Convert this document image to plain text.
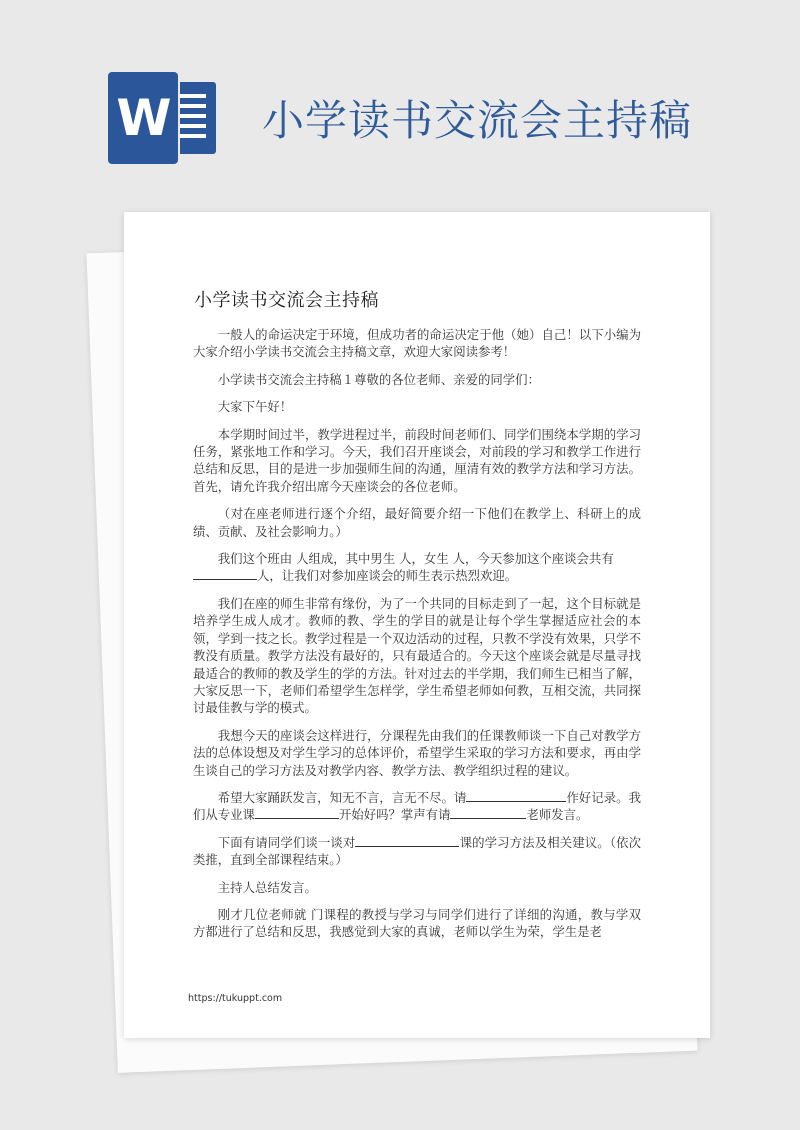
W 小学读书交流会主持稿
小学读书交流会主持稿

一般人的命运决定于环境，但成功者的命运决定于他（她）自己！以下小编为大家介绍小学读书交流会主持稿文章，欢迎大家阅读参考！

小学读书交流会主持稿１尊敬的各位老师、亲爱的同学们：

大家下午好！

本学期时间过半，教学进程过半，前段时间老师们、同学们围绕本学期的学习任务，紧张地工作和学习。今天，我们召开座谈会，对前段的学习和教学工作进行总结和反思，目的是进一步加强师生间的沟通，厘清有效的教学方法和学习方法。首先，请允许我介绍出席今天座谈会的各位老师。

（对在座老师进行逐个介绍，最好简要介绍一下他们在教学上、科研上的成绩、贡献、及社会影响力。）

我们这个班由 人组成，其中男生 人，女生 人，今天参加这个座谈会共有
人，让我们对参加座谈会的师生表示热烈欢迎。

我们在座的师生非常有缘份，为了一个共同的目标走到了一起，这个目标就是培养学生成人成才。教师的教、学生的学目的就是让每个学生掌握适应社会的本领，学到一技之长。教学过程是一个双边活动的过程，只教不学没有效果，只学不教没有质量。教学方法没有最好的，只有最适合的。今天这个座谈会就是尽量寻找最适合的教师的教及学生的学的方法。针对过去的半学期，我们师生已相当了解，大家反思一下，老师们希望学生怎样学，学生希望老师如何教，互相交流，共同探讨最佳教与学的模式。

我想今天的座谈会这样进行，分课程先由我们的任课教师谈一下自己对教学方法的总体设想及对学生学习的总体评价，希望学生采取的学习方法和要求，再由学生谈自己的学习方法及对教学内容、教学方法、教学组织过程的建议。

希望大家踊跃发言，知无不言，言无不尽。请	作好记录。我们从专业课	开始好吗？掌声有请	老师发言。

下面有请同学们谈一谈对	课的学习方法及相关建议。（依次类推，直到全部课程结束。）

主持人总结发言。

刚才几位老师就 门课程的教授与学习与同学们进行了详细的沟通，教与学双方都进行了总结和反思，我感觉到大家的真诚，老师以学生为荣，学生是老

https://tukuppt.com
